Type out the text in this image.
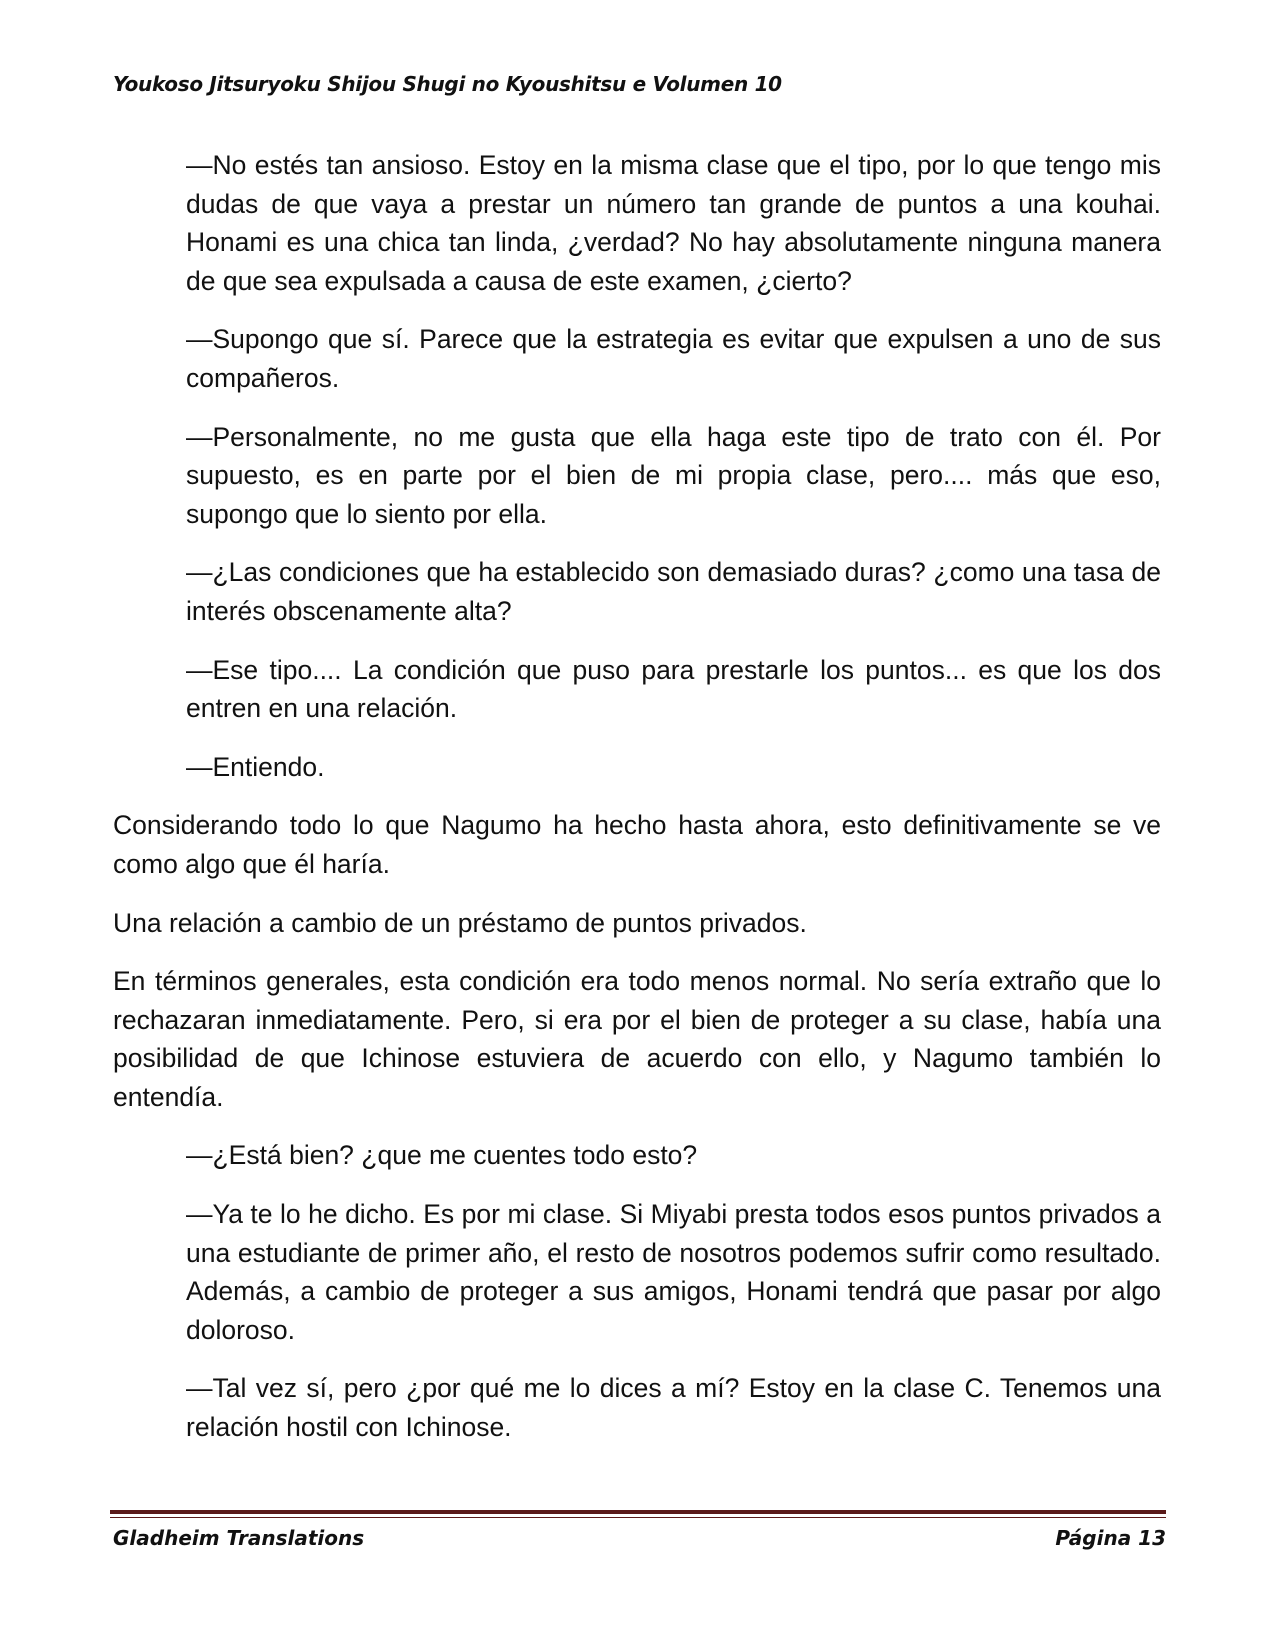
Youkoso Jitsuryoku Shijou Shugi no Kyoushitsu e Volumen 10

—No estés tan ansioso. Estoy en la misma clase que el tipo, por lo que tengo mis dudas de que vaya a prestar un número tan grande de puntos a una kouhai. Honami es una chica tan linda, ¿verdad? No hay absolutamente ninguna manera de que sea expulsada a causa de este examen, ¿cierto?

—Supongo que sí. Parece que la estrategia es evitar que expulsen a uno de sus compañeros.

—Personalmente, no me gusta que ella haga este tipo de trato con él. Por supuesto, es en parte por el bien de mi propia clase, pero.... más que eso, supongo que lo siento por ella.

—¿Las condiciones que ha establecido son demasiado duras? ¿como una tasa de interés obscenamente alta?

—Ese tipo.... La condición que puso para prestarle los puntos... es que los dos entren en una relación.

—Entiendo.

Considerando todo lo que Nagumo ha hecho hasta ahora, esto definitivamente se ve como algo que él haría.

Una relación a cambio de un préstamo de puntos privados.

En términos generales, esta condición era todo menos normal. No sería extraño que lo rechazaran inmediatamente. Pero, si era por el bien de proteger a su clase, había una posibilidad de que Ichinose estuviera de acuerdo con ello, y Nagumo también lo entendía.

—¿Está bien? ¿que me cuentes todo esto?

—Ya te lo he dicho. Es por mi clase. Si Miyabi presta todos esos puntos privados a una estudiante de primer año, el resto de nosotros podemos sufrir como resultado. Además, a cambio de proteger a sus amigos, Honami tendrá que pasar por algo doloroso.

—Tal vez sí, pero ¿por qué me lo dices a mí? Estoy en la clase C. Tenemos una relación hostil con Ichinose.

Gladheim Translations	Página 13
